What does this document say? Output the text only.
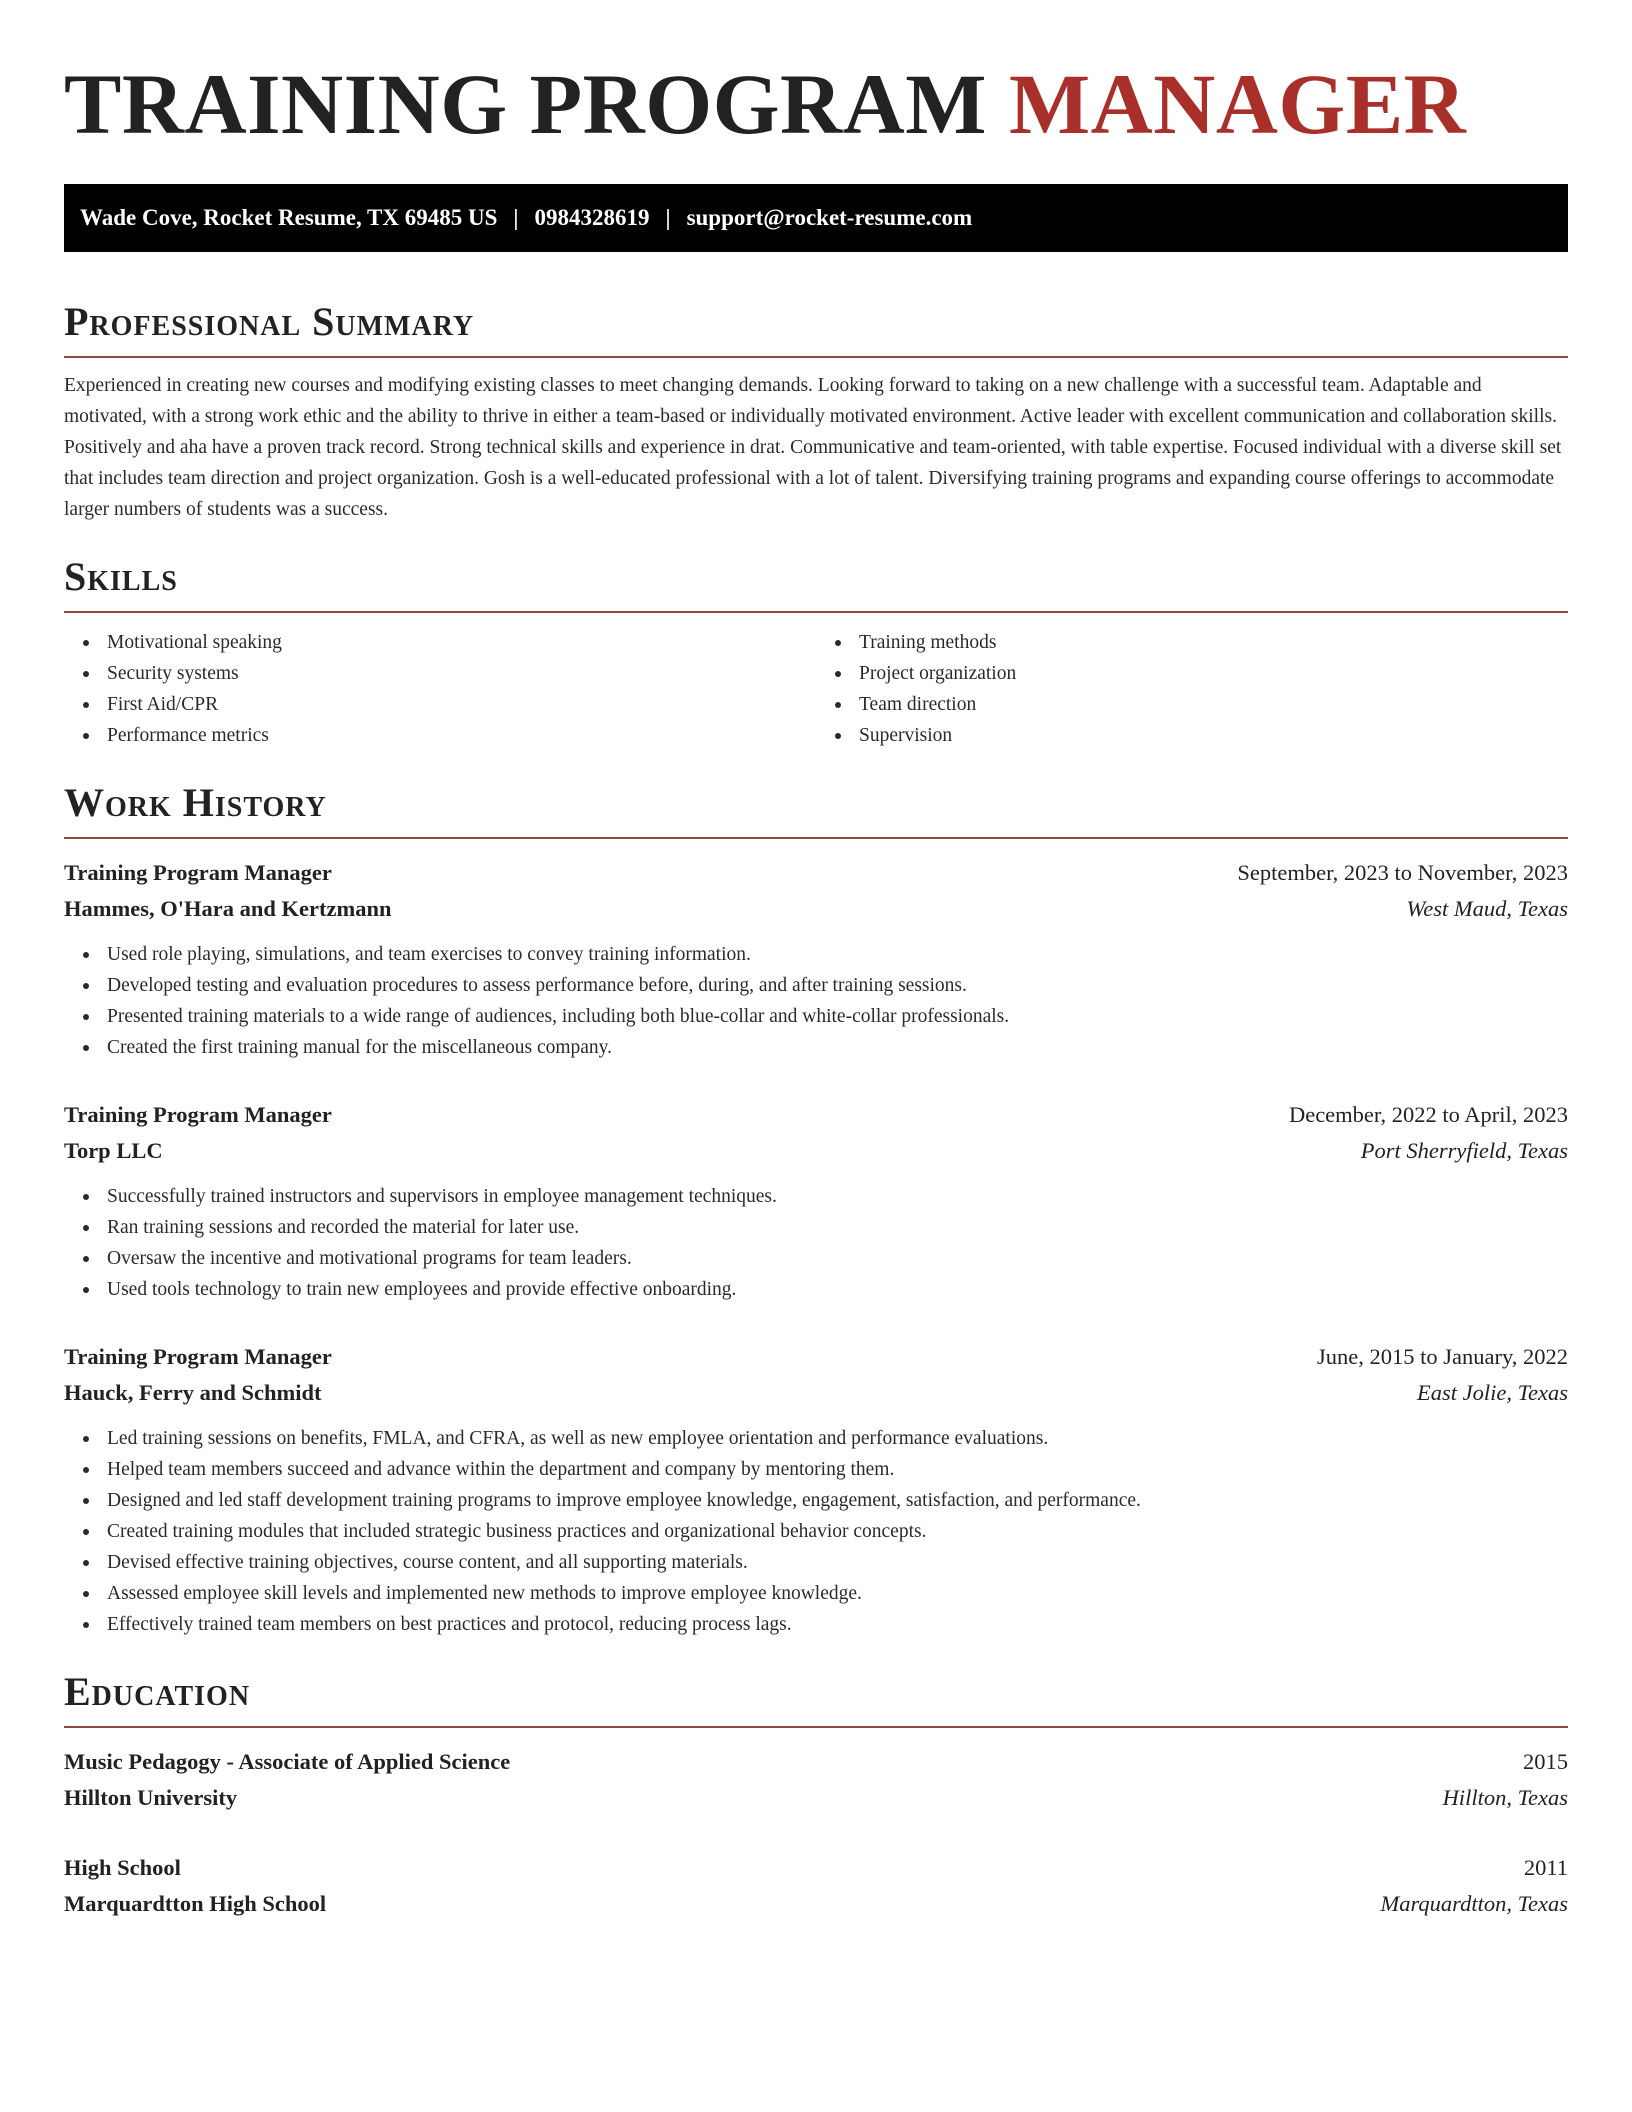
TRAINING PROGRAM MANAGER
Wade Cove, Rocket Resume, TX 69485 US | 0984328619 | support@rocket-resume.com
Professional Summary

Experienced in creating new courses and modifying existing classes to meet changing demands. Looking forward to taking on a new challenge with a successful team. Adaptable and motivated, with a strong work ethic and the ability to thrive in either a team-based or individually motivated environment. Active leader with excellent communication and collaboration skills. Positively and aha have a proven track record. Strong technical skills and experience in drat. Communicative and team-oriented, with table expertise. Focused individual with a diverse skill set that includes team direction and project organization. Gosh is a well-educated professional with a lot of talent. Diversifying training programs and expanding course offerings to accommodate larger numbers of students was a success.

Skills
Motivational speaking
Security systems
First Aid/CPR
Performance metrics
Training methods
Project organization
Team direction
Supervision
Work History
Training Program Manager	September, 2023 to November, 2023
Hammes, O'Hara and Kertzmann	West Maud, Texas
Used role playing, simulations, and team exercises to convey training information.
Developed testing and evaluation procedures to assess performance before, during, and after training sessions.
Presented training materials to a wide range of audiences, including both blue-collar and white-collar professionals.
Created the first training manual for the miscellaneous company.
Training Program Manager	December, 2022 to April, 2023
Torp LLC	Port Sherryfield, Texas
Successfully trained instructors and supervisors in employee management techniques.
Ran training sessions and recorded the material for later use.
Oversaw the incentive and motivational programs for team leaders.
Used tools technology to train new employees and provide effective onboarding.
Training Program Manager	June, 2015 to January, 2022
Hauck, Ferry and Schmidt	East Jolie, Texas
Led training sessions on benefits, FMLA, and CFRA, as well as new employee orientation and performance evaluations.
Helped team members succeed and advance within the department and company by mentoring them.
Designed and led staff development training programs to improve employee knowledge, engagement, satisfaction, and performance.
Created training modules that included strategic business practices and organizational behavior concepts.
Devised effective training objectives, course content, and all supporting materials.
Assessed employee skill levels and implemented new methods to improve employee knowledge.
Effectively trained team members on best practices and protocol, reducing process lags.
Education
Music Pedagogy - Associate of Applied Science	2015
Hillton University	Hillton, Texas
High School	2011
Marquardtton High School	Marquardtton, Texas
